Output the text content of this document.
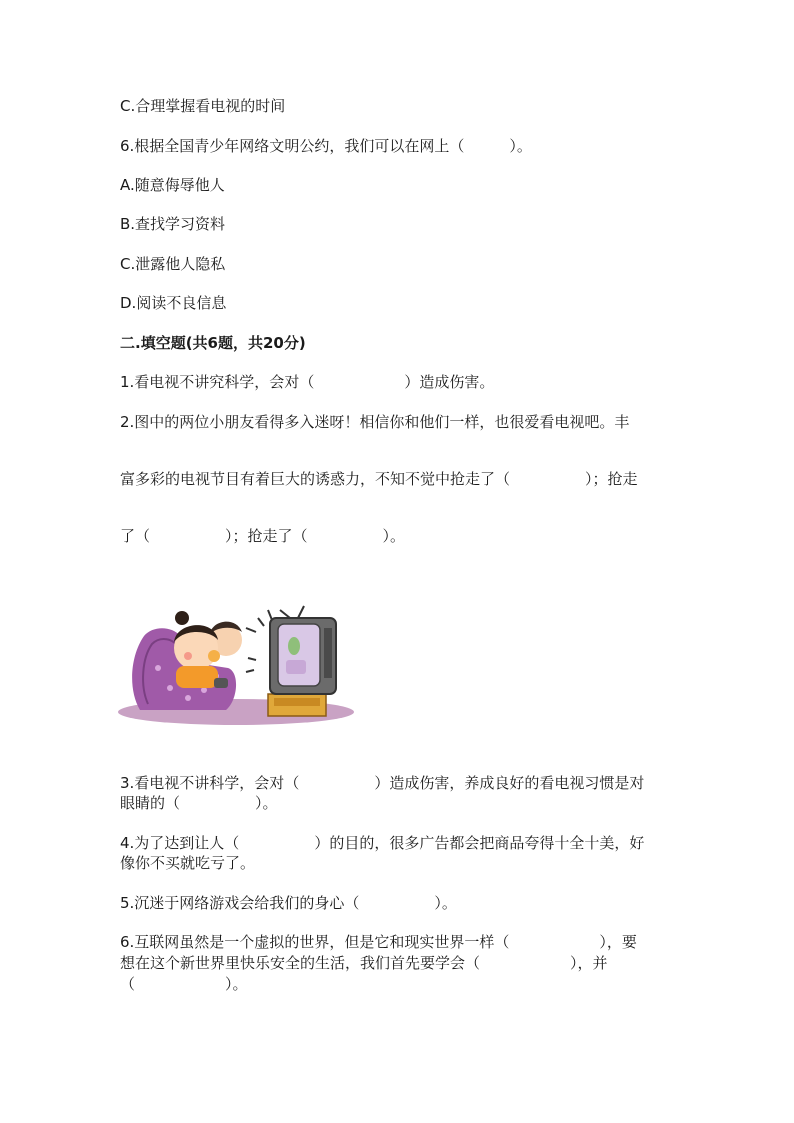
C.合理掌握看电视的时间
6.根据全国青少年网络文明公约，我们可以在网上（　　　）。
A.随意侮辱他人
B.查找学习资料
C.泄露他人隐私
D.阅读不良信息
二.填空题(共6题，共20分)
1.看电视不讲究科学，会对（　　　　　　）造成伤害。
2.图中的两位小朋友看得多入迷呀！相信你和他们一样，也很爱看电视吧。丰
富多彩的电视节目有着巨大的诱惑力，不知不觉中抢走了（　　　　　）；抢走
了（　　　　　）；抢走了（　　　　　）。
3.看电视不讲科学，会对（　　　　　）造成伤害，养成良好的看电视习惯是对
眼睛的（　　　　　）。
4.为了达到让人（　　　　　）的目的，很多广告都会把商品夸得十全十美，好
像你不买就吃亏了。
5.沉迷于网络游戏会给我们的身心（　　　　　）。
6.互联网虽然是一个虚拟的世界，但是它和现实世界一样（　　　　　　），要
想在这个新世界里快乐安全的生活，我们首先要学会（　　　　　　），并
（　　　　　　）。
